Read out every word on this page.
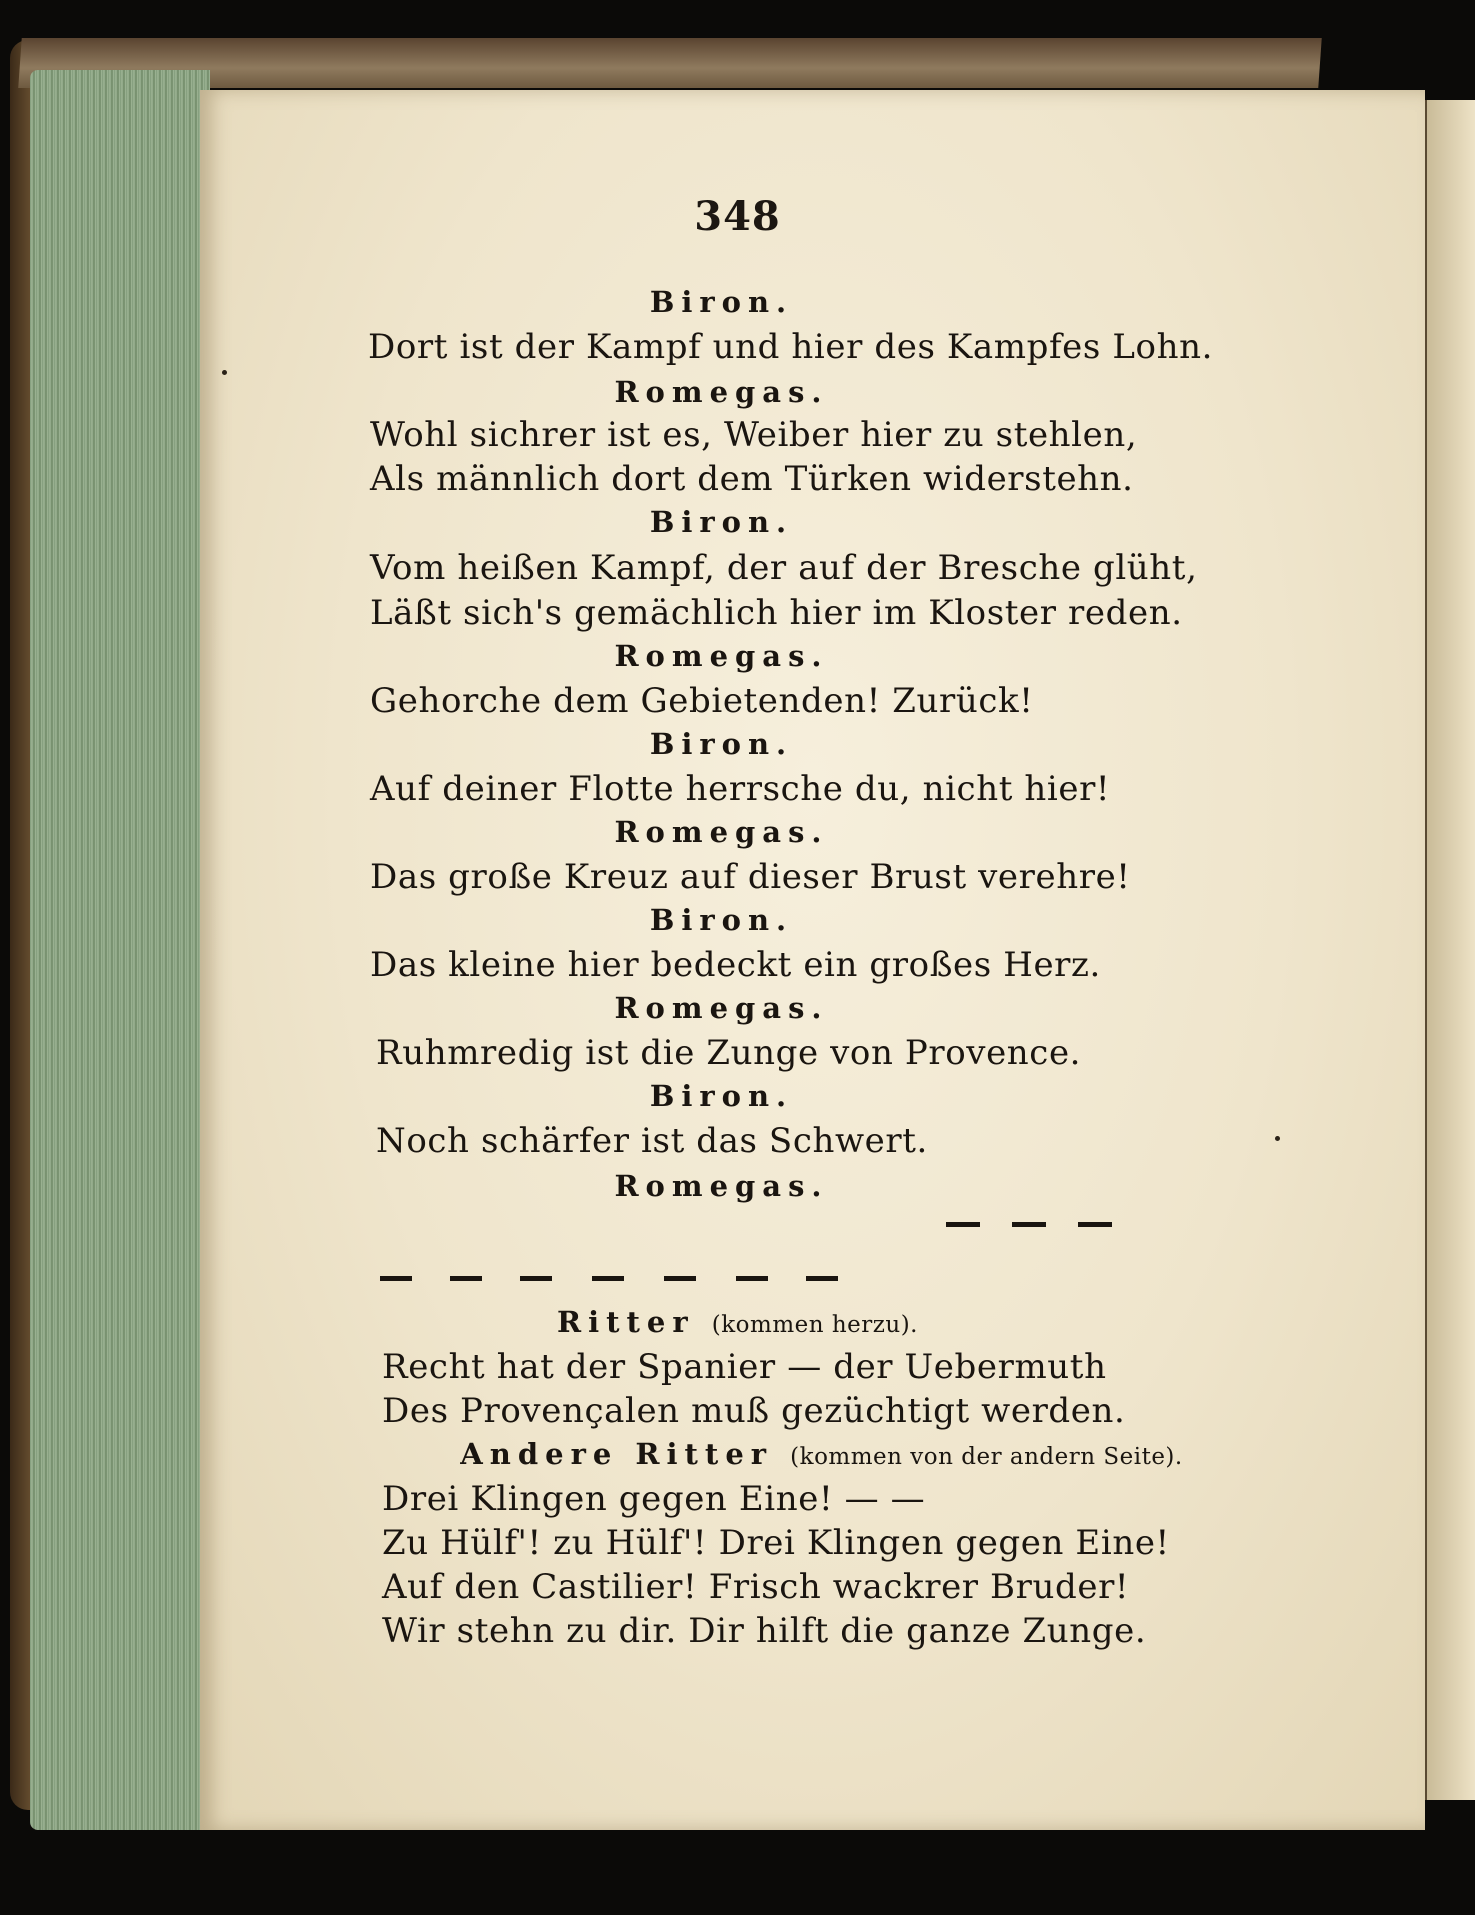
348
Biron.
Dort ist der Kampf und hier des Kampfes Lohn.
Romegas.
Wohl sichrer ist es, Weiber hier zu stehlen,
Als männlich dort dem Türken widerstehn.
Biron.
Vom heißen Kampf, der auf der Bresche glüht,
Läßt sich's gemächlich hier im Kloster reden.
Romegas.
Gehorche dem Gebietenden! Zurück!
Biron.
Auf deiner Flotte herrsche du, nicht hier!
Romegas.
Das große Kreuz auf dieser Brust verehre!
Biron.
Das kleine hier bedeckt ein großes Herz.
Romegas.
Ruhmredig ist die Zunge von Provence.
Biron.
Noch schärfer ist das Schwert.
Romegas.
Ritter (kommen herzu).
Recht hat der Spanier — der Uebermuth
Des Provençalen muß gezüchtigt werden.
Andere Ritter (kommen von der andern Seite).
Drei Klingen gegen Eine! — —
Zu Hülf'! zu Hülf'! Drei Klingen gegen Eine!
Auf den Castilier! Frisch wackrer Bruder!
Wir stehn zu dir. Dir hilft die ganze Zunge.
